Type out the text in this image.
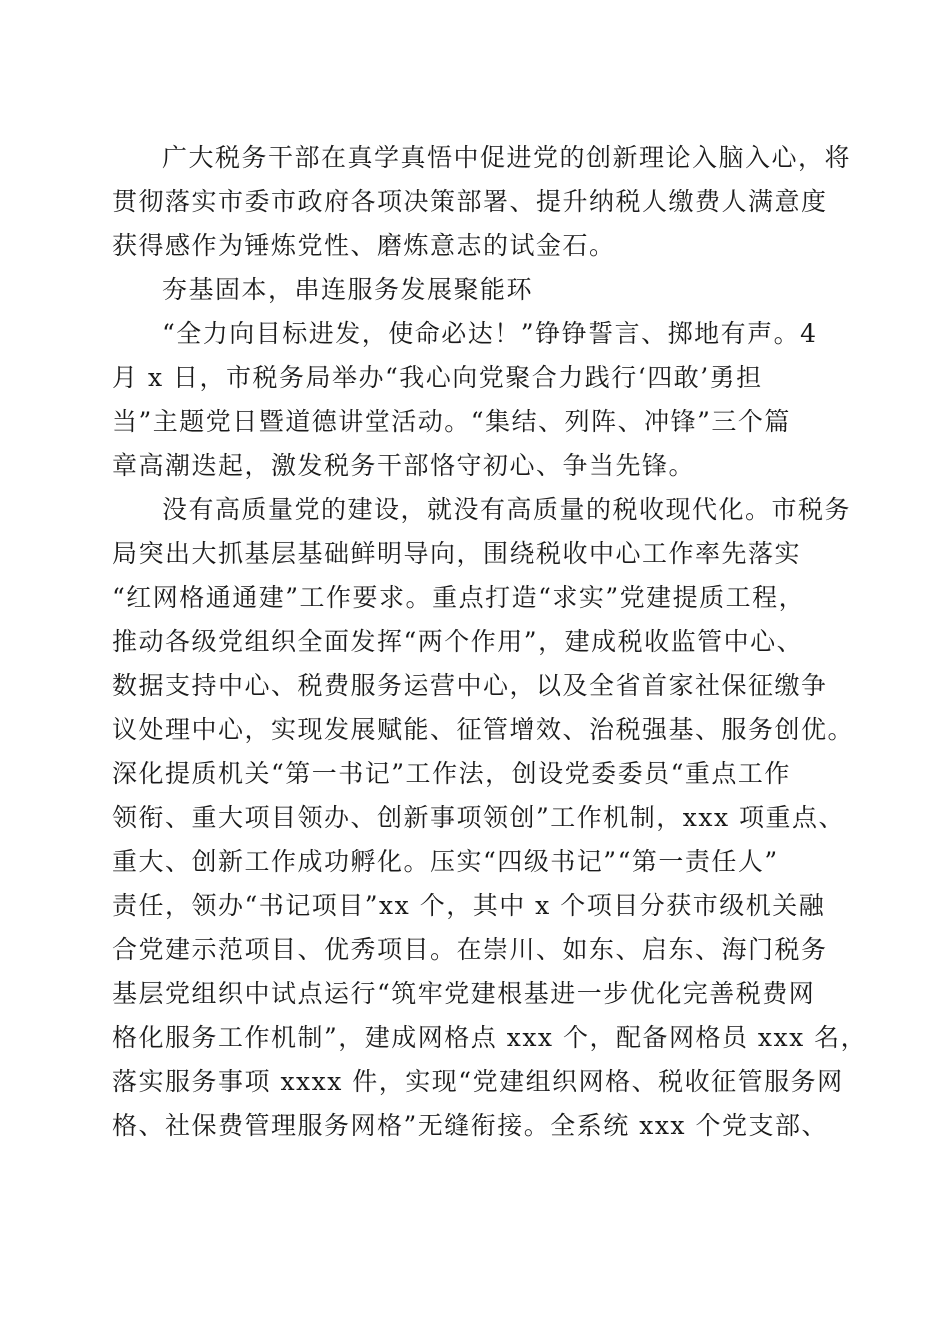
广大税务干部在真学真悟中促进党的创新理论入脑入心，将
贯彻落实市委市政府各项决策部署、提升纳税人缴费人满意度
获得感作为锤炼党性、磨炼意志的试金石。
夯基固本，串连服务发展聚能环
“全力向目标进发，使命必达！”铮铮誓言、掷地有声。4
月 x 日，市税务局举办“我心向党聚合力践行‘四敢’勇担
当”主题党日暨道德讲堂活动。“集结、列阵、冲锋”三个篇
章高潮迭起，激发税务干部恪守初心、争当先锋。
没有高质量党的建设，就没有高质量的税收现代化。市税务
局突出大抓基层基础鲜明导向，围绕税收中心工作率先落实
“红网格通通建”工作要求。重点打造“求实”党建提质工程，
推动各级党组织全面发挥“两个作用”，建成税收监管中心、
数据支持中心、税费服务运营中心，以及全省首家社保征缴争
议处理中心，实现发展赋能、征管增效、治税强基、服务创优。
深化提质机关“第一书记”工作法，创设党委委员“重点工作
领衔、重大项目领办、创新事项领创”工作机制，xxx 项重点、
重大、创新工作成功孵化。压实“四级书记”“第一责任人”
责任，领办“书记项目”xx 个，其中 x 个项目分获市级机关融
合党建示范项目、优秀项目。在崇川、如东、启东、海门税务
基层党组织中试点运行“筑牢党建根基进一步优化完善税费网
格化服务工作机制”，建成网格点 xxx 个，配备网格员 xxx 名，
落实服务事项 xxxx 件，实现“党建组织网格、税收征管服务网
格、社保费管理服务网格”无缝衔接。全系统 xxx 个党支部、
